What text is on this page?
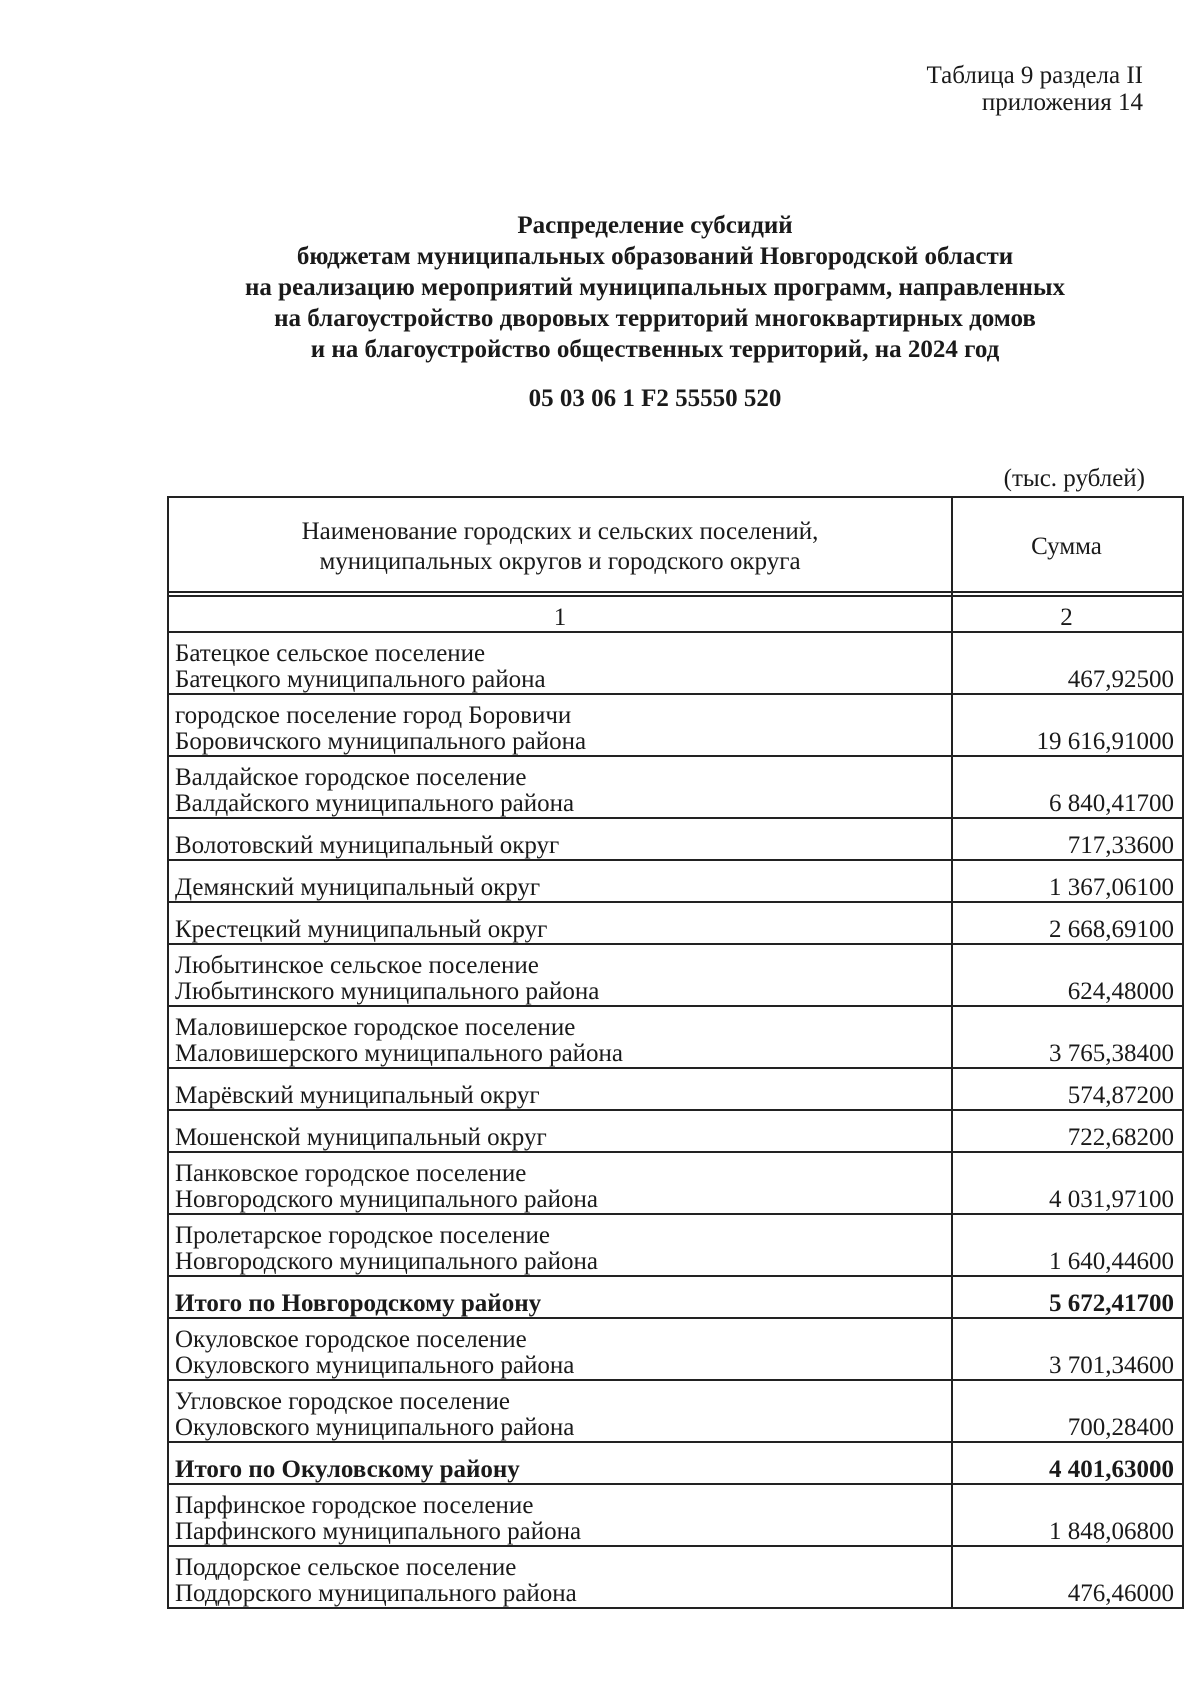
Таблица 9 раздела II
приложения 14
Распределение субсидий
бюджетам муниципальных образований Новгородской области
на реализацию мероприятий муниципальных программ, направленных
на благоустройство дворовых территорий многоквартирных домов
и на благоустройство общественных территорий, на 2024 год
05 03 06 1 F2 55550 520
(тыс. рублей)
Наименование городских и сельских поселений,
муниципальных округов и городского округа
	Сумма
1	2

Батецкое сельское поселение
Батецкого муниципального района	467,92500

городское поселение город Боровичи
Боровичского муниципального района	19 616,91000

Валдайское городское поселение
Валдайского муниципального района	6 840,41700

Волотовский муниципальный округ	717,33600

Демянский муниципальный округ	1 367,06100

Крестецкий муниципальный округ	2 668,69100

Любытинское сельское поселение
Любытинского муниципального района	624,48000

Маловишерское городское поселение
Маловишерского муниципального района	3 765,38400

Марёвский муниципальный округ	574,87200

Мошенской муниципальный округ	722,68200

Панковское городское поселение
Новгородского муниципального района	4 031,97100

Пролетарское городское поселение
Новгородского муниципального района	1 640,44600

Итого по Новгородскому району	5 672,41700

Окуловское городское поселение
Окуловского муниципального района	3 701,34600

Угловское городское поселение
Окуловского муниципального района	700,28400

Итого по Окуловскому району	4 401,63000

Парфинское городское поселение
Парфинского муниципального района	1 848,06800

Поддорское сельское поселение
Поддорского муниципального района	476,46000
